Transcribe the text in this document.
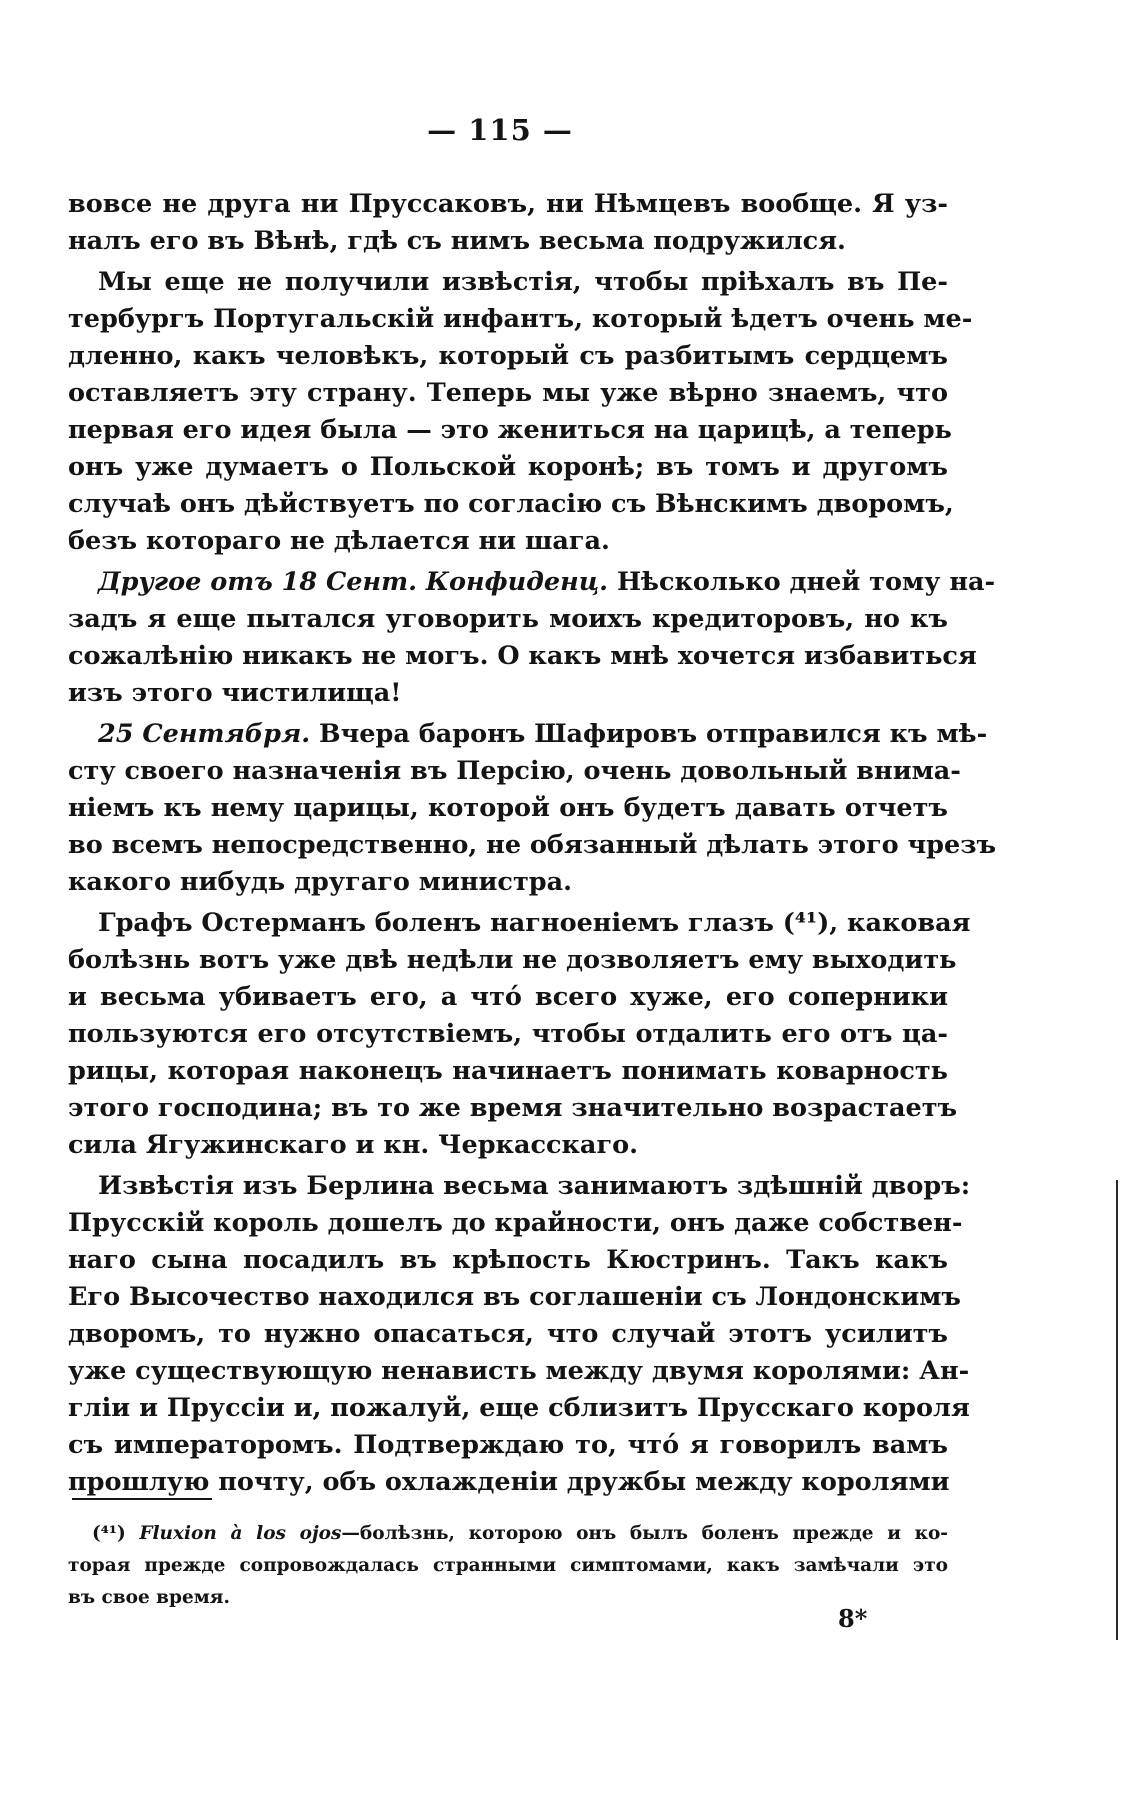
— 115 —
вовсе не друга ни Пруссаковъ, ни Нѣмцевъ вообще. Я уз-
налъ его въ Вѣнѣ, гдѣ съ нимъ весьма подружился.
Мы еще не получили извѣстія, чтобы пріѣхалъ въ Пе-
тербургъ Португальскій инфантъ, который ѣдетъ очень ме-
дленно, какъ человѣкъ, который съ разбитымъ сердцемъ
оставляетъ эту страну. Теперь мы уже вѣрно знаемъ, что
первая его идея была — это жениться на царицѣ, а теперь
онъ уже думаетъ о Польской коронѣ; въ томъ и другомъ
случаѣ онъ дѣйствуетъ по согласію съ Вѣнскимъ дворомъ,
безъ котораго не дѣлается ни шага.
Другое отъ 18 Сент. Конфиденц. Нѣсколько дней тому на-
задъ я еще пытался уговорить моихъ кредиторовъ, но къ
сожалѣнію никакъ не могъ. О какъ мнѣ хочется избавиться
изъ этого чистилища!
25 Сентября. Вчера баронъ Шафировъ отправился къ мѣ-
сту своего назначенія въ Персію, очень довольный внима-
ніемъ къ нему царицы, которой онъ будетъ давать отчетъ
во всемъ непосредственно, не обязанный дѣлать этого чрезъ
какого нибудь другаго министра.
Графъ Остерманъ боленъ нагноеніемъ глазъ (⁴¹), каковая
болѣзнь вотъ уже двѣ недѣли не дозволяетъ ему выходить
и весьма убиваетъ его, а что́ всего хуже, его соперники
пользуются его отсутствіемъ, чтобы отдалить его отъ ца-
рицы, которая наконецъ начинаетъ понимать коварность
этого господина; въ то же время значительно возрастаетъ
сила Ягужинскаго и кн. Черкасскаго.
Извѣстія изъ Берлина весьма занимаютъ здѣшній дворъ:
Прусскій король дошелъ до крайности, онъ даже собствен-
наго сына посадилъ въ крѣпость Кюстринъ. Такъ какъ
Его Высочество находился въ соглашеніи съ Лондонскимъ
дворомъ, то нужно опасаться, что случай этотъ усилитъ
уже существующую ненависть между двумя королями: Ан-
гліи и Пруссіи и, пожалуй, еще сблизитъ Прусскаго короля
съ императоромъ. Подтверждаю то, что́ я говорилъ вамъ
прошлую почту, объ охлажденіи дружбы между королями
(⁴¹) Fluxion à los ojos—болѣзнь, которою онъ былъ боленъ прежде и ко-
торая прежде сопровождалась странными симптомами, какъ замѣчали это
въ свое время.
8*
